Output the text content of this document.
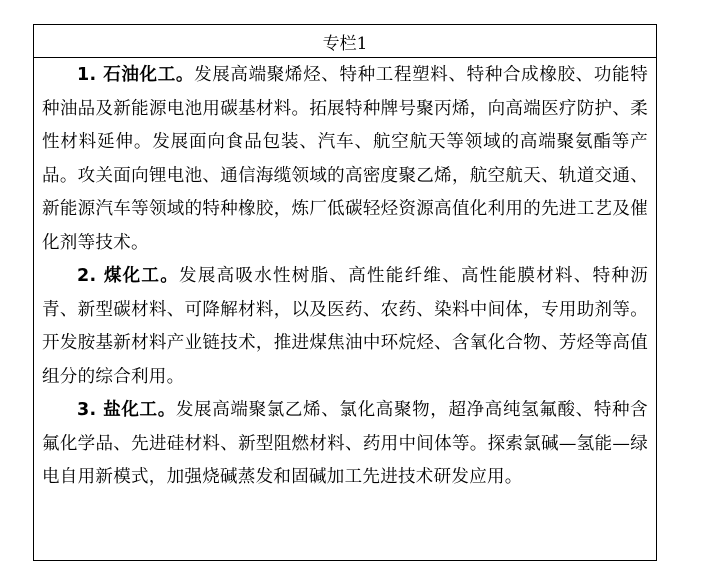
专栏1

1. 石油化工。发展高端聚烯烃、特种工程塑料、特种合成橡胶、功能特种油品及新能源电池用碳基材料。拓展特种牌号聚丙烯，向高端医疗防护、柔性材料延伸。发展面向食品包装、汽车、航空航天等领域的高端聚氨酯等产品。攻关面向锂电池、通信海缆领域的高密度聚乙烯，航空航天、轨道交通、新能源汽车等领域的特种橡胶，炼厂低碳轻烃资源高值化利用的先进工艺及催化剂等技术。

2. 煤化工。发展高吸水性树脂、高性能纤维、高性能膜材料、特种沥青、新型碳材料、可降解材料，以及医药、农药、染料中间体，专用助剂等。开发胺基新材料产业链技术，推进煤焦油中环烷烃、含氧化合物、芳烃等高值组分的综合利用。

3. 盐化工。发展高端聚氯乙烯、氯化高聚物，超净高纯氢氟酸、特种含氟化学品、先进硅材料、新型阻燃材料、药用中间体等。探索氯碱—氢能—绿电自用新模式，加强烧碱蒸发和固碱加工先进技术研发应用。
